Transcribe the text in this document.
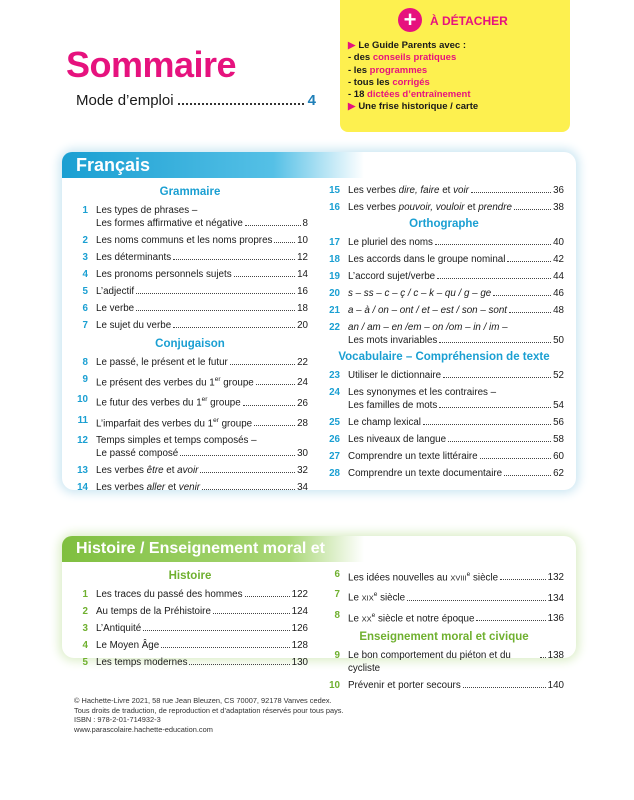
Sommaire
Mode d’emploi	4
+	À DÉTACHER
▶ Le Guide Parents avec :
- des conseils pratiques
- les programmes
- tous les corrigés
- 18 dictées d’entraînement
▶ Une frise historique / carte
Français
Grammaire
1 Les types de phrases –
Les formes affirmative et négative	8
2 Les noms communs et les noms propres	10
3 Les déterminants	12
4 Les pronoms personnels sujets	14
5 L’adjectif	16
6 Le verbe	18
7 Le sujet du verbe	20
Conjugaison
8 Le passé, le présent et le futur	22
9 Le présent des verbes du 1er groupe	24
10 Le futur des verbes du 1er groupe	26
11 L’imparfait des verbes du 1er groupe	28
12 Temps simples et temps composés –
Le passé composé	30
13 Les verbes être et avoir	32
14 Les verbes aller et venir	34
15 Les verbes dire, faire et voir	36
16 Les verbes pouvoir, vouloir et prendre	38
Orthographe
17 Le pluriel des noms	40
18 Les accords dans le groupe nominal	42
19 L’accord sujet/verbe	44
20 s – ss – c – ç / c – k – qu / g – ge	46
21 a – à / on – ont / et – est / son – sont	48
22 an / am – en /em – on /om – in / im –
Les mots invariables	50
Vocabulaire – Compréhension de texte
23 Utiliser le dictionnaire	52
24 Les synonymes et les contraires –
Les familles de mots	54
25 Le champ lexical	56
26 Les niveaux de langue	58
27 Comprendre un texte littéraire	60
28 Comprendre un texte documentaire	62
Histoire / Enseignement moral et civique	Histoire
1 Les traces du passé des hommes	122
2 Au temps de la Préhistoire	124
3 L’Antiquité	126
4 Le Moyen Âge	128
5 Les temps modernes	130
6 Les idées nouvelles au XVIIIe siècle	132
7 Le XIXe siècle	134
8 Le XXe siècle et notre époque	136
Enseignement moral et civique
9 Le bon comportement du piéton et du cycliste
138
10 Prévenir et porter secours	140
© Hachette-Livre 2021, 58 rue Jean Bleuzen, CS 70007, 92178 Vanves cedex.
Tous droits de traduction, de reproduction et d’adaptation réservés pour tous pays.
ISBN : 978-2-01-714932-3
www.parascolaire.hachette-education.com
